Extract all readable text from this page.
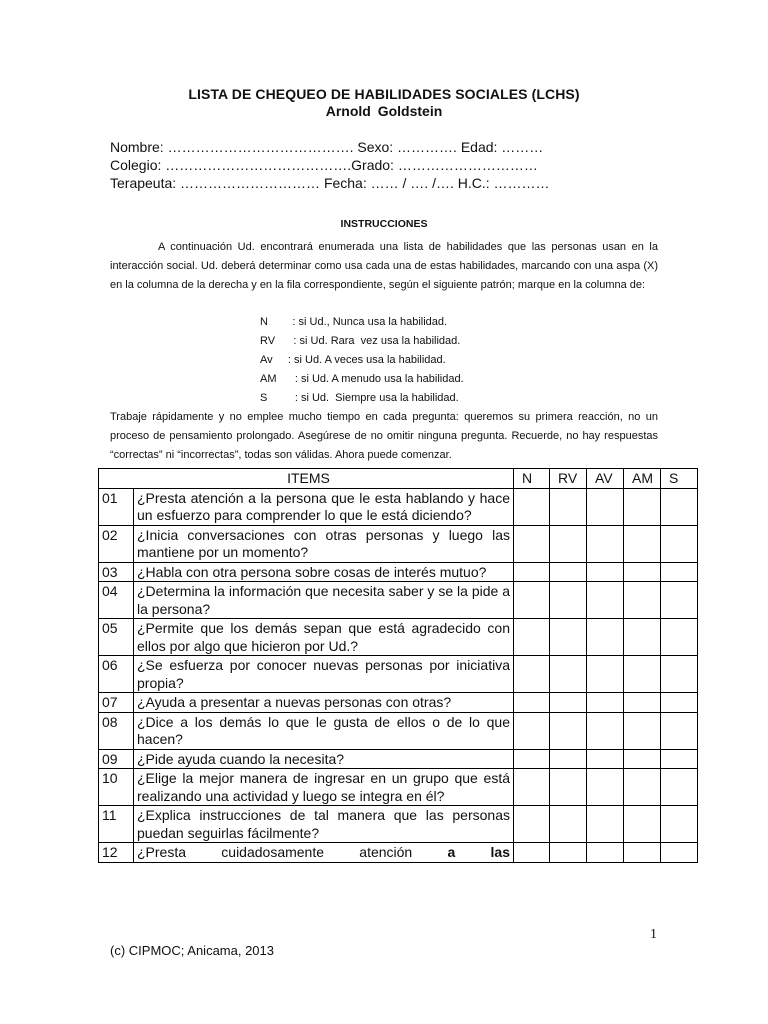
LISTA DE CHEQUEO DE HABILIDADES SOCIALES (LCHS)
Arnold Goldstein
Nombre: …………………………………. Sexo: …………. Edad: ………
Colegio: ………………………………….Grado: …………………………
Terapeuta: ………………………… Fecha: …… / …. /…. H.C.: …………
INSTRUCCIONES
A continuación Ud. encontrará enumerada una lista de habilidades que las personas usan en la interacción social. Ud. deberá determinar como usa cada una de estas habilidades, marcando con una aspa (X) en la columna de la derecha y en la fila correspondiente, según el siguiente patrón; marque en la columna de:
N        : si Ud., Nunca usa la habilidad.
RV      : si Ud. Rara  vez usa la habilidad.
Av     : si Ud. A veces usa la habilidad.
AM      : si Ud. A menudo usa la habilidad.
S         : si Ud.  Siempre usa la habilidad.
Trabaje rápidamente y no emplee mucho tiempo en cada pregunta: queremos su primera reacción, no un proceso de pensamiento prolongado. Asegúrese de no omitir ninguna pregunta. Recuerde, no hay respuestas “correctas” ni “incorrectas”, todas son válidas. Ahora puede comenzar.
ITEMS		N	RV	AV	AM	S
01	¿Presta atención a la persona que le esta hablando y hace un esfuerzo para comprender lo que le está diciendo?					
02	¿Inicia conversaciones con otras personas y luego las mantiene por un momento?					
03	¿Habla con otra persona sobre cosas de interés mutuo?					
04	¿Determina la información que necesita saber y se la pide a la persona?					
05	¿Permite que los demás sepan que está agradecido con ellos por algo que hicieron por Ud.?					
06	¿Se esfuerza por conocer nuevas personas por iniciativa propia?					
07	¿Ayuda a presentar a nuevas personas con otras?					
08	¿Dice a los demás lo que le gusta de ellos o de lo que hacen?					
09	¿Pide ayuda cuando la necesita?					
10	¿Elige la mejor manera de ingresar en un grupo que está realizando una actividad y luego se integra en él?					
11	¿Explica instrucciones de tal manera que las personas puedan seguirlas fácilmente?					
12	¿Presta cuidadosamente atención a las					
1
(c) CIPMOC; Anicama, 2013
